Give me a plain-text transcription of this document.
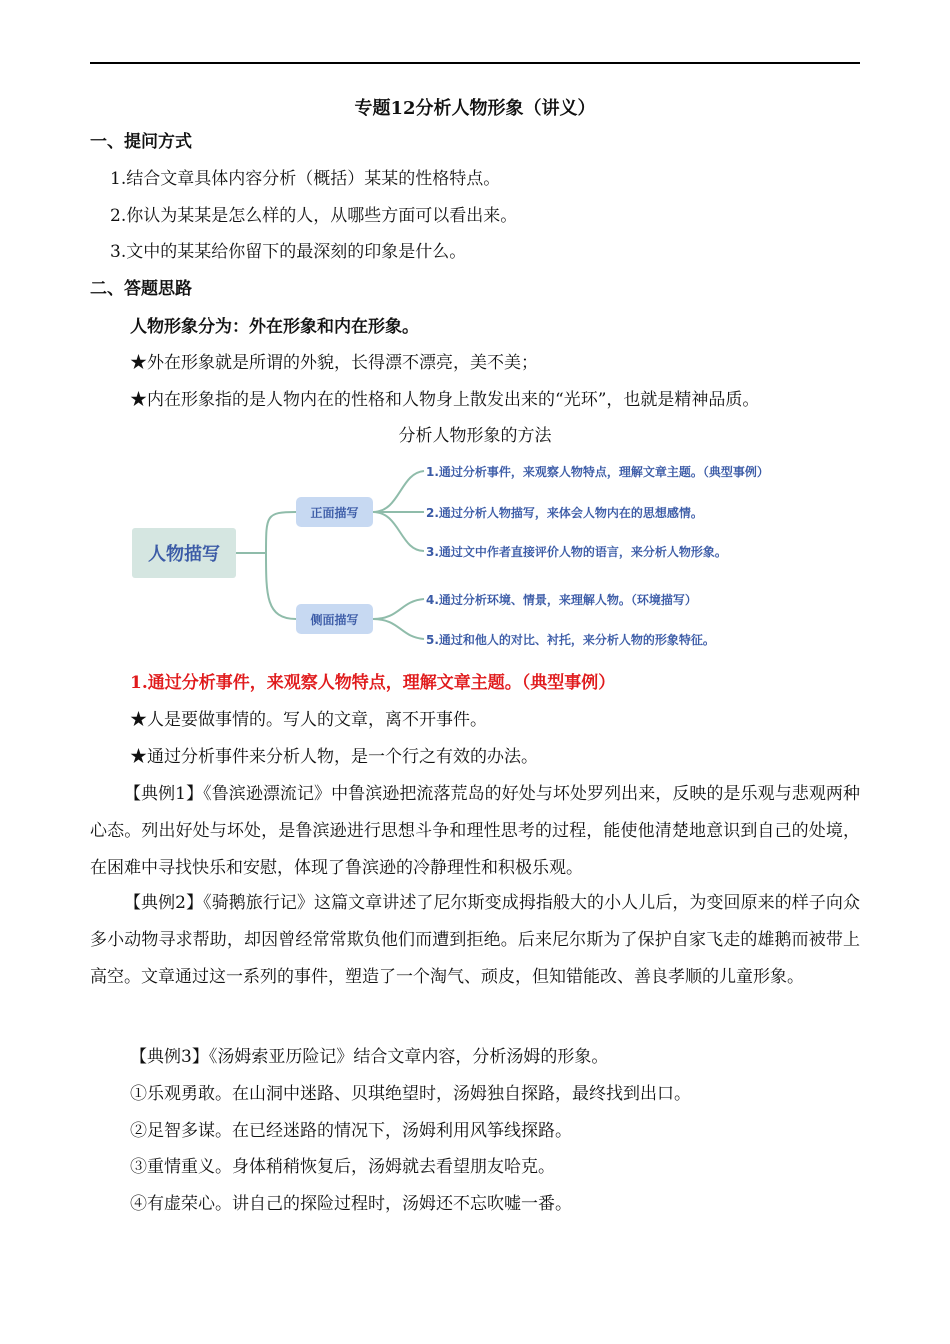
专题12分析人物形象（讲义）
一、提问方式
1.结合文章具体内容分析（概括）某某的性格特点。
2.你认为某某是怎么样的人，从哪些方面可以看出来。
3.文中的某某给你留下的最深刻的印象是什么。
二、答题思路
人物形象分为：外在形象和内在形象。
★外在形象就是所谓的外貌，长得漂不漂亮，美不美；
★内在形象指的是人物内在的性格和人物身上散发出来的“光环”，也就是精神品质。
分析人物形象的方法
人物描写
正面描写
侧面描写
1.通过分析事件，来观察人物特点，理解文章主题。（典型事例）
2.通过分析人物描写，来体会人物内在的思想感情。
3.通过文中作者直接评价人物的语言，来分析人物形象。
4.通过分析环境、情景，来理解人物。（环境描写）
5.通过和他人的对比、衬托，来分析人物的形象特征。
1.通过分析事件，来观察人物特点，理解文章主题。（典型事例）
★人是要做事情的。写人的文章，离不开事件。
★通过分析事件来分析人物，是一个行之有效的办法。
【典例1】《鲁滨逊漂流记》中鲁滨逊把流落荒岛的好处与坏处罗列出来，反映的是乐观与悲观两种心态。列出好处与坏处，是鲁滨逊进行思想斗争和理性思考的过程，能使他清楚地意识到自己的处境，在困难中寻找快乐和安慰，体现了鲁滨逊的冷静理性和积极乐观。
【典例2】《骑鹅旅行记》这篇文章讲述了尼尔斯变成拇指般大的小人儿后，为变回原来的样子向众多小动物寻求帮助，却因曾经常常欺负他们而遭到拒绝。后来尼尔斯为了保护自家飞走的雄鹅而被带上高空。文章通过这一系列的事件，塑造了一个淘气、顽皮，但知错能改、善良孝顺的儿童形象。
【典例3】《汤姆索亚历险记》结合文章内容，分析汤姆的形象。
①乐观勇敢。在山洞中迷路、贝琪绝望时，汤姆独自探路，最终找到出口。
②足智多谋。在已经迷路的情况下，汤姆利用风筝线探路。
③重情重义。身体稍稍恢复后，汤姆就去看望朋友哈克。
④有虚荣心。讲自己的探险过程时，汤姆还不忘吹嘘一番。
